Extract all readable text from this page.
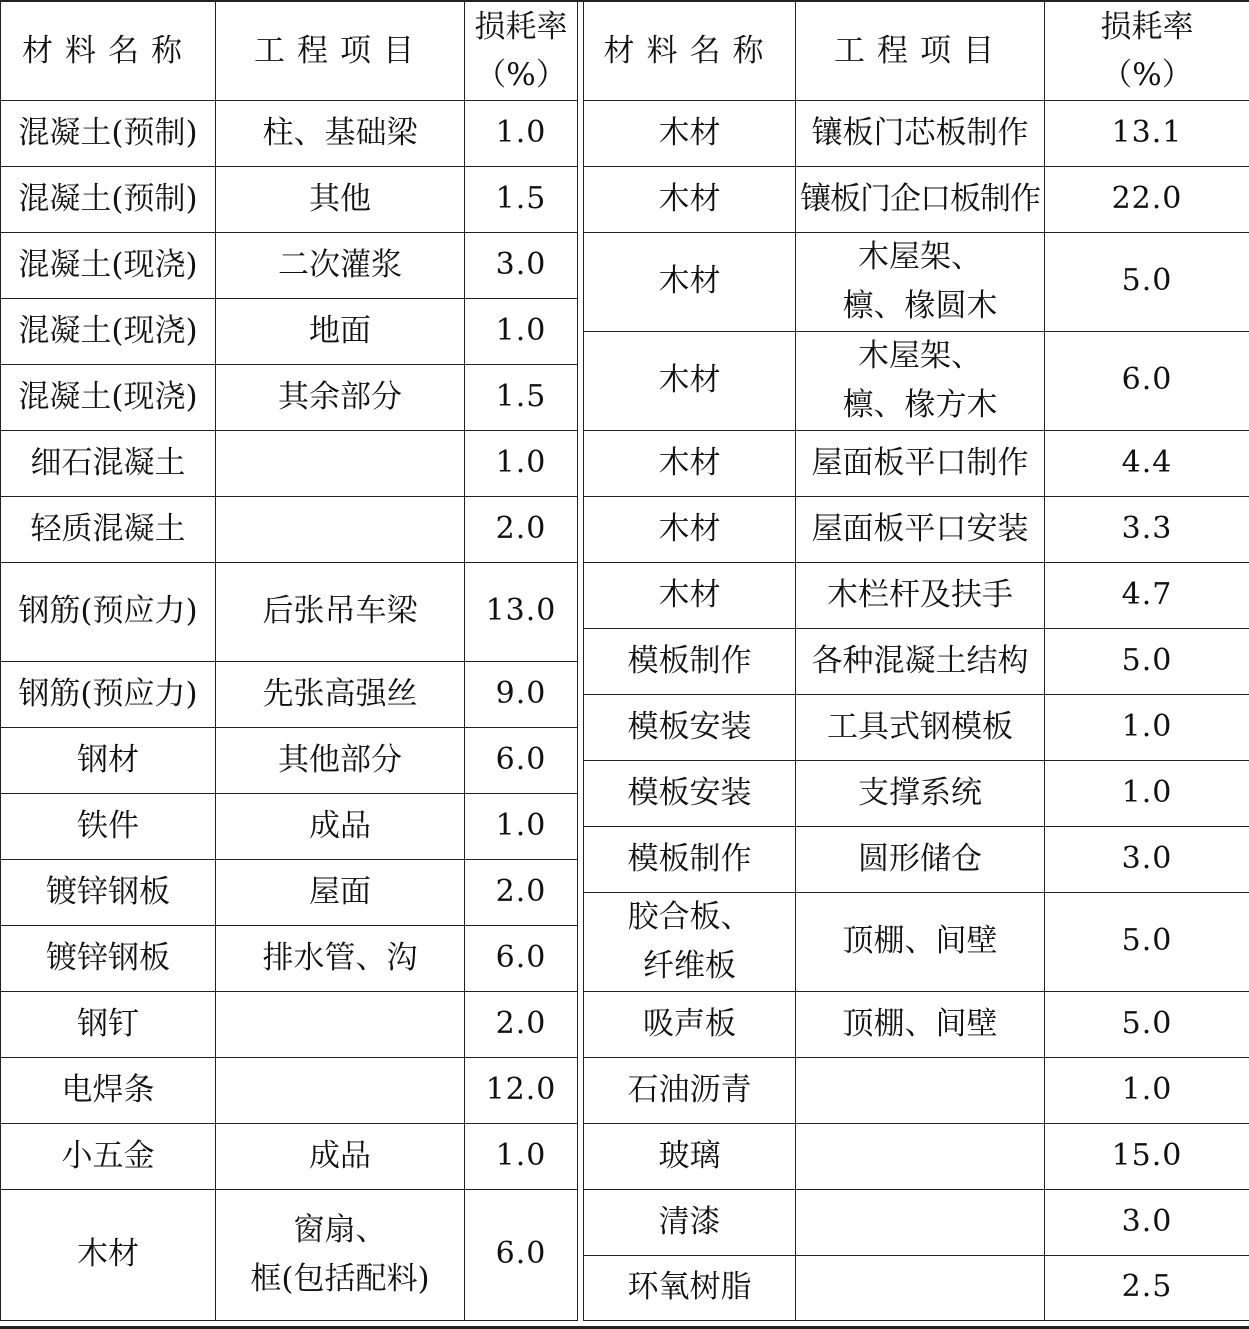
材料名称	工程项目	损耗率
（%）

混凝土(预制)	柱、基础梁	1.0
混凝土(预制)	其他	1.5
混凝土(现浇)	二次灌浆	3.0
混凝土(现浇)	地面	1.0
混凝土(现浇)	其余部分	1.5
细石混凝土		1.0
轻质混凝土		2.0
钢筋(预应力)	后张吊车梁	13.0
钢筋(预应力)	先张高强丝	9.0
钢材	其他部分	6.0
铁件	成品	1.0
镀锌钢板	屋面	2.0
镀锌钢板	排水管、沟	6.0
钢钉		2.0
电焊条		12.0
小五金	成品	1.0
木材	窗扇、
框(包括配料)	6.0
材料名称	工程项目	损耗率
（%）

木材	镶板门芯板制作	13.1
木材	镶板门企口板制作	22.0
木材	木屋架、
檩、椽圆木	5.0
木材	木屋架、
檩、椽方木	6.0
木材	屋面板平口制作	4.4
木材	屋面板平口安装	3.3
木材	木栏杆及扶手	4.7
模板制作	各种混凝土结构	5.0
模板安装	工具式钢模板	1.0
模板安装	支撑系统	1.0
模板制作	圆形储仓	3.0

胶合板、
纤维板	顶棚、间壁	5.0
吸声板	顶棚、间壁	5.0
石油沥青		1.0
玻璃		15.0
清漆		3.0
环氧树脂		2.5
